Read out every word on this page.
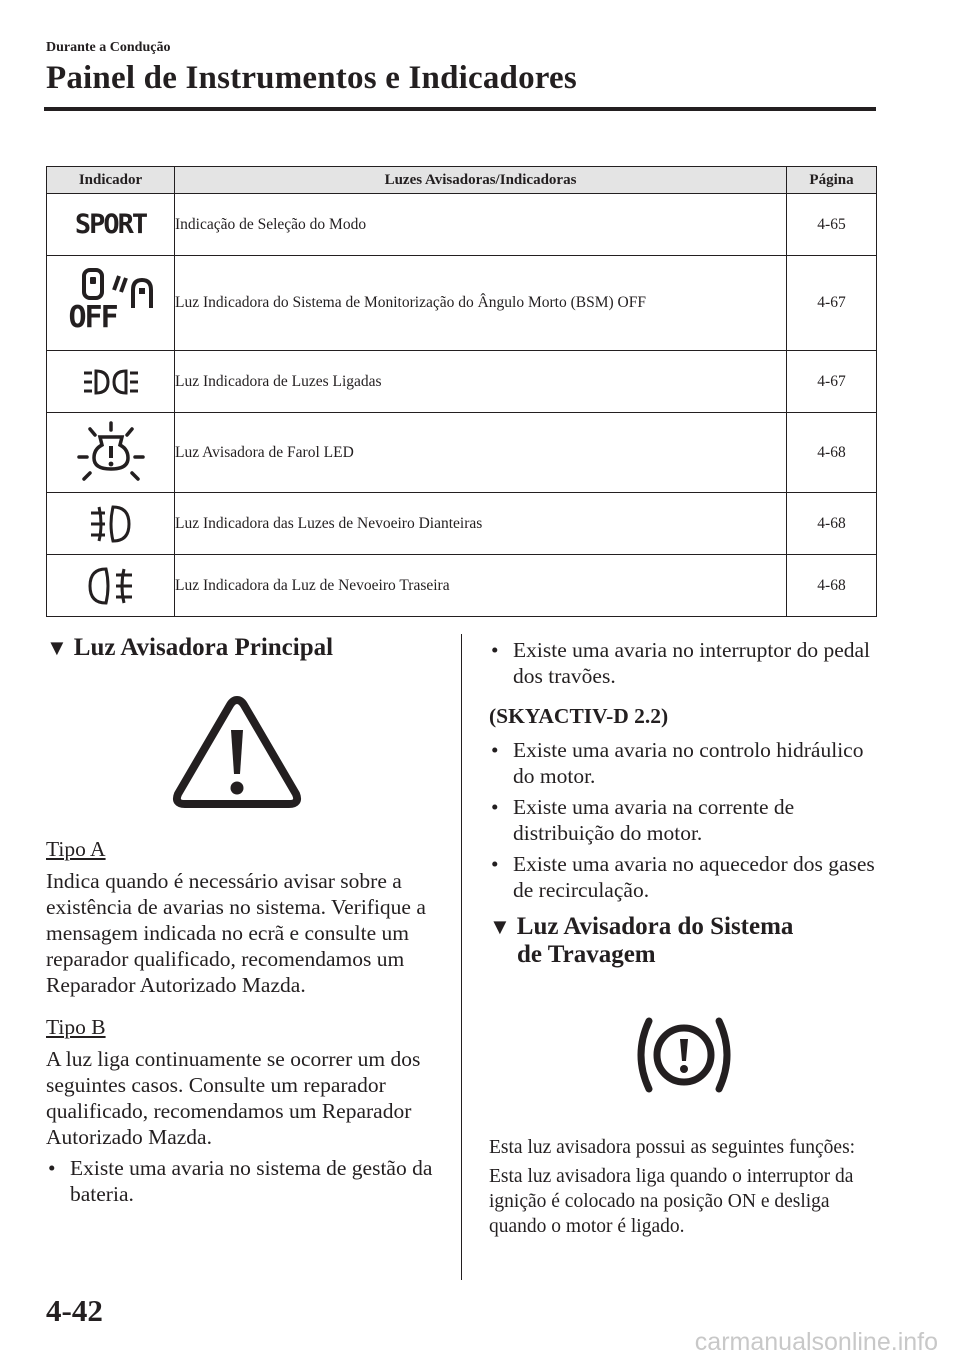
Durante a Condução
Painel de Instrumentos e Indicadores
Indicador	Luzes Avisadoras/Indicadoras	Página
SPORT	Indicação de Seleção do Modo	4-65

OFF	Luz Indicadora do Sistema de Monitorização do Ângulo Morto (BSM) OFF	4-67
	Luz Indicadora de Luzes Ligadas	4-67
	Luz Avisadora de Farol LED	4-68
	Luz Indicadora das Luzes de Nevoeiro Dianteiras	4-68
	Luz Indicadora da Luz de Nevoeiro Traseira	4-68
▼ Luz Avisadora Principal
Tipo A

Indica quando é necessário avisar sobre a existência de avarias no sistema. Verifique a mensagem indicada no ecrã e consulte um reparador qualificado, recomendamos um Reparador Autorizado Mazda.

Tipo B

A luz liga continuamente se ocorrer um dos seguintes casos. Consulte um reparador qualificado, recomendamos um Reparador Autorizado Mazda.

• Existe uma avaria no sistema de gestão da bateria.
• Existe uma avaria no interruptor do pedal dos travões.

(SKYACTIV-D 2.2)

• Existe uma avaria no controlo hidráulico do motor.
• Existe uma avaria na corrente de distribuição do motor.
• Existe uma avaria no aquecedor dos gases de recirculação.
▼ Luz Avisadora do Sistema
de Travagem

Esta luz avisadora possui as seguintes funções:

Esta luz avisadora liga quando o interruptor da ignição é colocado na posição ON e desliga quando o motor é ligado.

4-42
carmanualsonline.info
